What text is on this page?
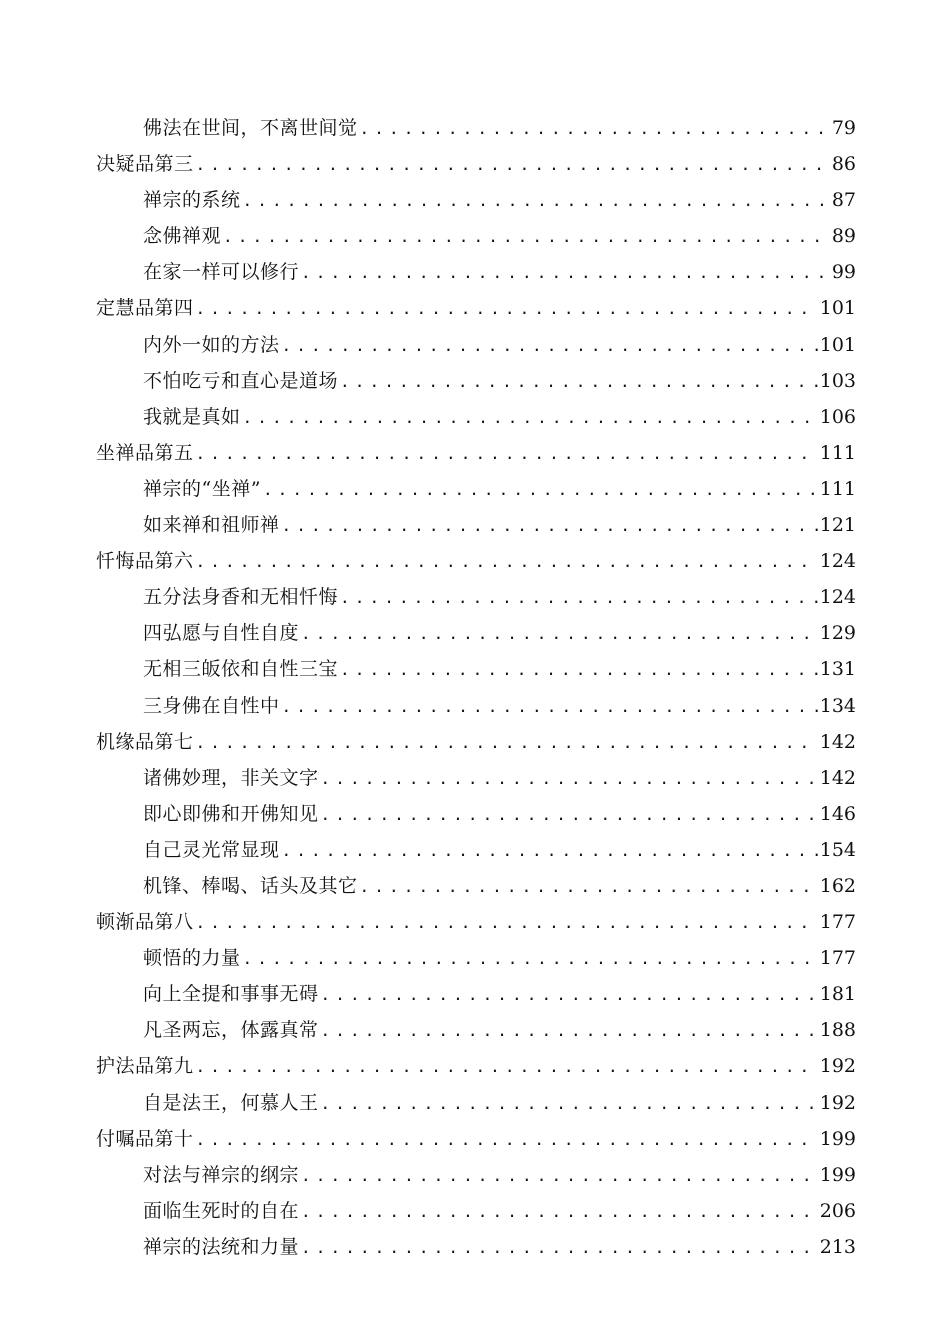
佛法在世间，不离世间觉 .....	79
决疑品第三 .....	86
禅宗的系统 .....	87
念佛禅观 .....	89
在家一样可以修行 .....	99
定慧品第四 .....	101
内外一如的方法 .....	101
不怕吃亏和直心是道场 .....	103
我就是真如 .....	106
坐禅品第五 .....	111
禅宗的“坐禅” .....	111
如来禅和祖师禅 .....	121
忏悔品第六 .....	124
五分法身香和无相忏悔 .....	124
四弘愿与自性自度 .....	129
无相三皈依和自性三宝 .....	131
三身佛在自性中 .....	134
机缘品第七 .....	142
诸佛妙理，非关文字 .....	142
即心即佛和开佛知见 .....	146
自己灵光常显现 .....	154
机锋、棒喝、话头及其它 .....	162
顿渐品第八 .....	177
顿悟的力量 .....	177
向上全提和事事无碍 .....	181
凡圣两忘，体露真常 .....	188
护法品第九 .....	192
自是法王，何慕人王 .....	192
付嘱品第十 .....	199
对法与禅宗的纲宗 .....	199
面临生死时的自在 .....	206
禅宗的法统和力量 .....	213
